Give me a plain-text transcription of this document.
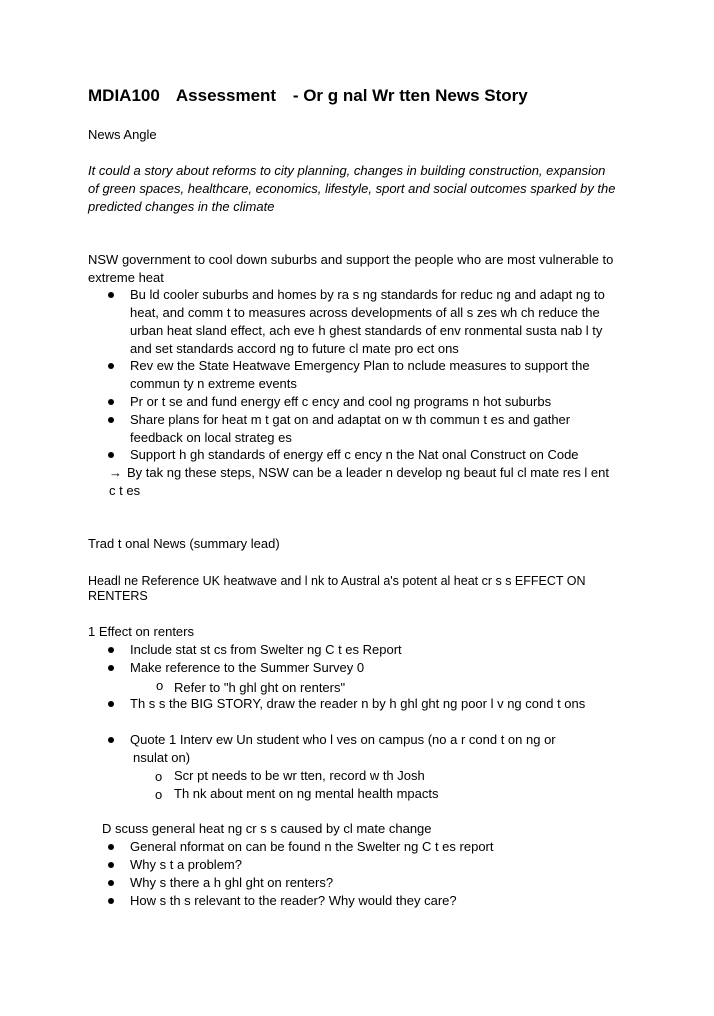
MDIA100 Assessment - Or g nal Wr tten News Story
News Angle
It could a story about reforms to city planning, changes in building construction, expansion
of green spaces, healthcare, economics, lifestyle, sport and social outcomes sparked by the
predicted changes in the climate
NSW government to cool down suburbs and support the people who are most vulnerable to
extreme heat
Bu ld cooler suburbs and homes by ra s ng standards for reduc ng and adapt ng to
heat, and comm t to measures across developments of all s zes wh ch reduce the
urban heat sland effect, ach eve h ghest standards of env ronmental susta nab l ty
and set standards accord ng to future cl mate pro ect ons
Rev ew the State Heatwave Emergency Plan to nclude measures to support the
commun ty n extreme events
Pr or t se and fund energy eff c ency and cool ng programs n hot suburbs
Share plans for heat m t gat on and adaptat on w th commun t es and gather
feedback on local strateg es
Support h gh standards of energy eff c ency n the Nat onal Construct on Code
→ By tak ng these steps, NSW can be a leader n develop ng beaut ful cl mate res l ent
c t es
Trad t onal News (summary lead)
Headl ne Reference UK heatwave and l nk to Austral a's potent al heat cr s s EFFECT ON
RENTERS
1 Effect on renters
Include stat st cs from Swelter ng C t es Report
Make reference to the Summer Survey 0
o Refer to "h ghl ght on renters"
Th s s the BIG STORY, draw the reader n by h ghl ght ng poor l v ng cond t ons
Quote 1 Interv ew Un student who l ves on campus (no a r cond t on ng or
nsulat on)
o Scr pt needs to be wr tten, record w th Josh
o Th nk about ment on ng mental health mpacts
D scuss general heat ng cr s s caused by cl mate change
General nformat on can be found n the Swelter ng C t es report
Why s t a problem?
Why s there a h ghl ght on renters?
How s th s relevant to the reader? Why would they care?
